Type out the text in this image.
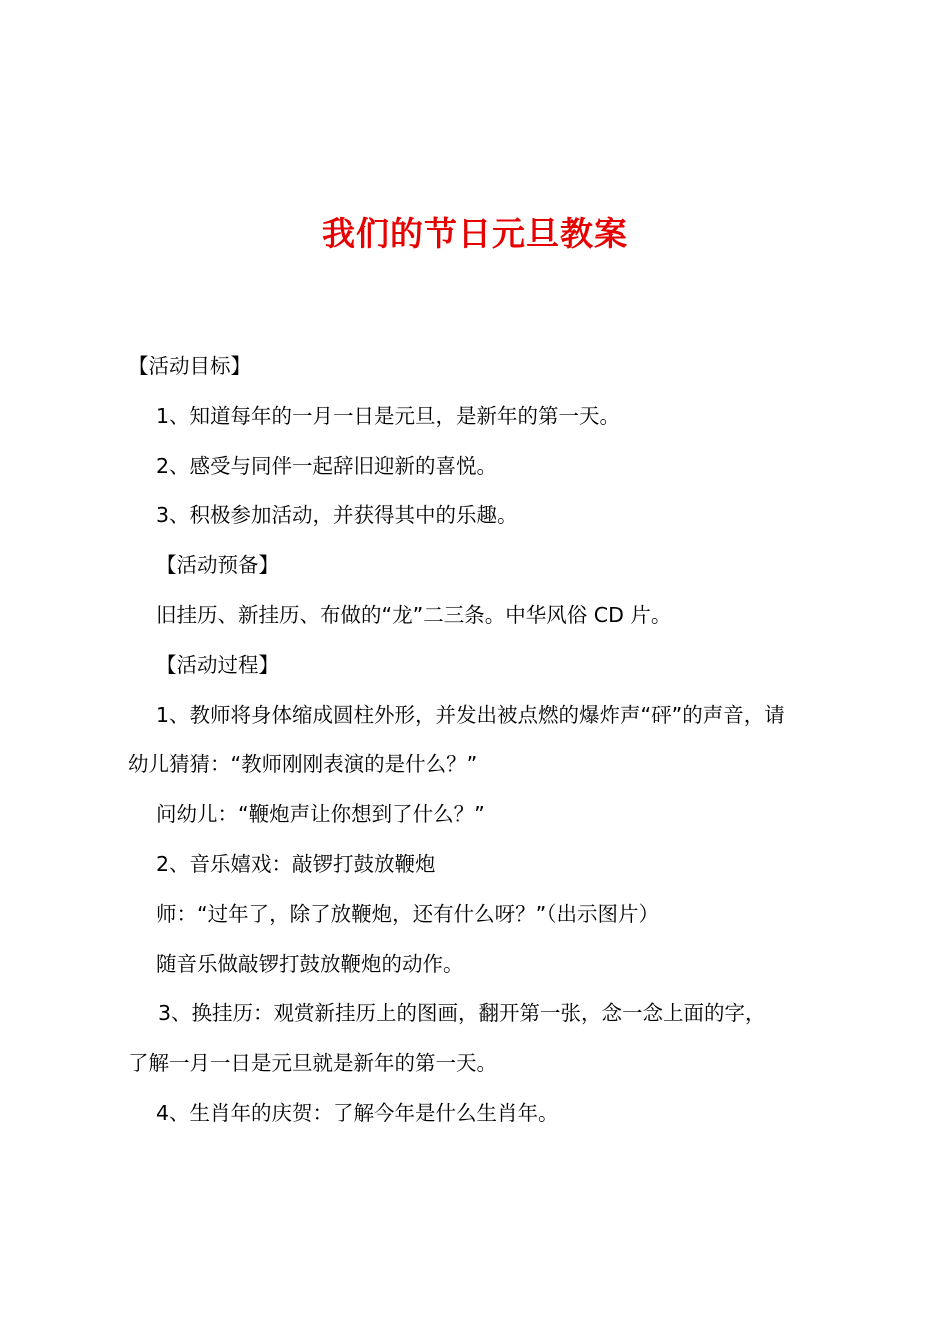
我们的节日元旦教案
【活动目标】
1、知道每年的一月一日是元旦，是新年的第一天。
2、感受与同伴一起辞旧迎新的喜悦。
3、积极参加活动，并获得其中的乐趣。
【活动预备】
旧挂历、新挂历、布做的“龙”二三条。中华风俗 CD 片。
【活动过程】
1、教师将身体缩成圆柱外形，并发出被点燃的爆炸声“砰”的声音，请
幼儿猜猜：“教师刚刚表演的是什么？”
问幼儿：“鞭炮声让你想到了什么？”
2、音乐嬉戏：敲锣打鼓放鞭炮
师：“过年了，除了放鞭炮，还有什么呀？”（出示图片）
随音乐做敲锣打鼓放鞭炮的动作。
3、换挂历：观赏新挂历上的图画，翻开第一张，念一念上面的字，
了解一月一日是元旦就是新年的第一天。
4、生肖年的庆贺：了解今年是什么生肖年。
